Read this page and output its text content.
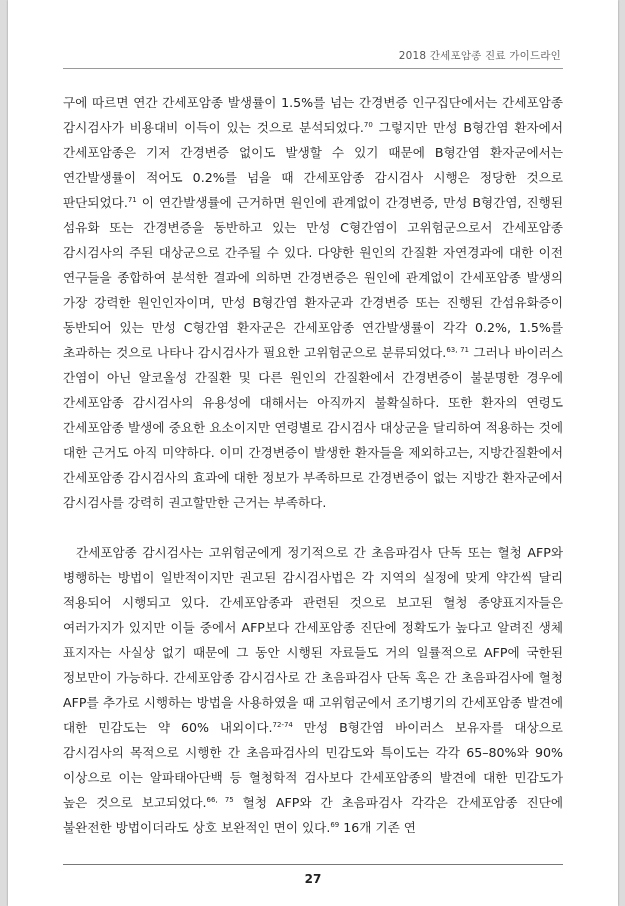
2018 간세포암종 진료 가이드라인

구에 따르면 연간 간세포암종 발생률이 1.5%를 넘는 간경변증 인구집단에서는 간세포암종 감시검사가 비용대비 이득이 있는 것으로 분석되었다.$^{70}$ 그렇지만 만성 B형간염 환자에서 간세포암종은 기저 간경변증 없이도 발생할 수 있기 때문에 B형간염 환자군에서는 연간발생률이 적어도 0.2%를 넘을 때 간세포암종 감시검사 시행은 정당한 것으로 판단되었다.$^{71}$ 이 연간발생률에 근거하면 원인에 관계없이 간경변증, 만성 B형간염, 진행된 섬유화 또는 간경변증을 동반하고 있는 만성 C형간염이 고위험군으로서 간세포암종 감시검사의 주된 대상군으로 간주될 수 있다. 다양한 원인의 간질환 자연경과에 대한 이전 연구들을 종합하여 분석한 결과에 의하면 간경변증은 원인에 관계없이 간세포암종 발생의 가장 강력한 원인인자이며, 만성 B형간염 환자군과 간경변증 또는 진행된 간섬유화증이 동반되어 있는 만성 C형간염 환자군은 간세포암종 연간발생률이 각각 0.2%, 1.5%를 초과하는 것으로 나타나 감시검사가 필요한 고위험군으로 분류되었다.$^{63, 71}$ 그러나 바이러스 간염이 아닌 알코올성 간질환 및 다른 원인의 간질환에서 간경변증이 불분명한 경우에 간세포암종 감시검사의 유용성에 대해서는 아직까지 불확실하다. 또한 환자의 연령도 간세포암종 발생에 중요한 요소이지만 연령별로 감시검사 대상군을 달리하여 적용하는 것에 대한 근거도 아직 미약하다. 이미 간경변증이 발생한 환자들을 제외하고는, 지방간질환에서 간세포암종 감시검사의 효과에 대한 정보가 부족하므로 간경변증이 없는 지방간 환자군에서 감시검사를 강력히 권고할만한 근거는 부족하다.

간세포암종 감시검사는 고위험군에게 정기적으로 간 초음파검사 단독 또는 혈청 AFP와 병행하는 방법이 일반적이지만 권고된 감시검사법은 각 지역의 실정에 맞게 약간씩 달리 적용되어 시행되고 있다. 간세포암종과 관련된 것으로 보고된 혈청 종양표지자들은 여러가지가 있지만 이들 중에서 AFP보다 간세포암종 진단에 정확도가 높다고 알려진 생체 표지자는 사실상 없기 때문에 그 동안 시행된 자료들도 거의 일률적으로 AFP에 국한된 정보만이 가능하다. 간세포암종 감시검사로 간 초음파검사 단독 혹은 간 초음파검사에 혈청 AFP를 추가로 시행하는 방법을 사용하였을 때 고위험군에서 조기병기의 간세포암종 발견에 대한 민감도는 약 60% 내외이다.$^{72-74}$ 만성 B형간염 바이러스 보유자를 대상으로 감시검사의 목적으로 시행한 간 초음파검사의 민감도와 특이도는 각각 65–80%와 90% 이상으로 이는 알파태아단백 등 혈청학적 검사보다 간세포암종의 발견에 대한 민감도가 높은 것으로 보고되었다.$^{66, 75}$ 혈청 AFP와 간 초음파검사 각각은 간세포암종 진단에 불완전한 방법이더라도 상호 보완적인 면이 있다.$^{69}$ 16개 기존 연

27
